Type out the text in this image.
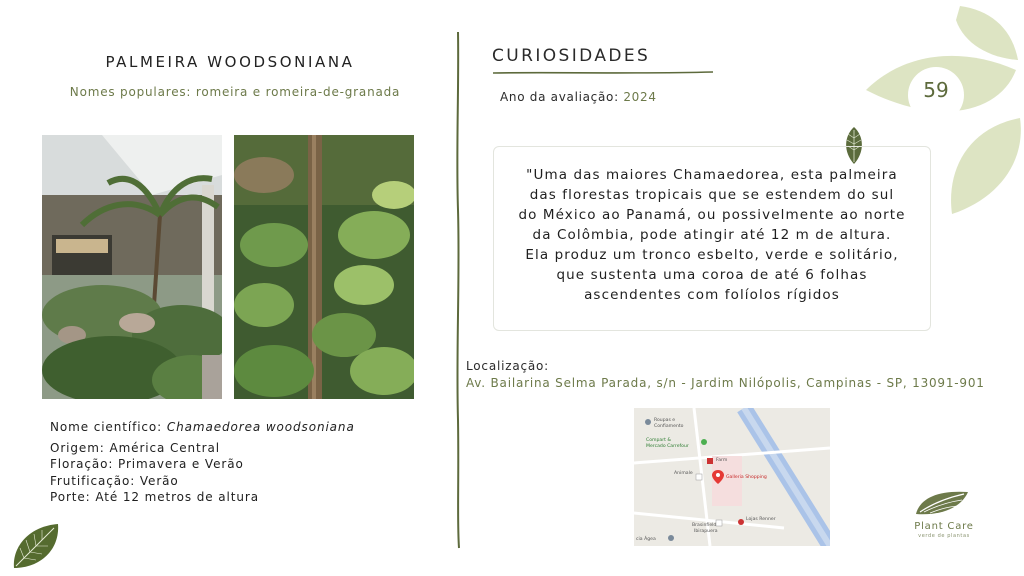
59
PALMEIRA WOODSONIANA
Nomes populares: romeira e romeira-de-granada
Nome científico: Chamaedorea woodsoniana
Origem: América Central
Floração: Primavera e Verão
Frutificação: Verão
Porte: Até 12 metros de altura
CURIOSIDADES
Ano da avaliação: 2024
"Uma das maiores Chamaedorea, esta palmeira
das florestas tropicais que se estendem do sul
do México ao Panamá, ou possivelmente ao norte
da Colômbia, pode atingir até 12 m de altura.
Ela produz um tronco esbelto, verde e solitário,
que sustenta uma coroa de até 6 folhas
ascendentes com folíolos rígidos
Localização:
Av. Bailarina Selma Parada, s/n - Jardim Nilópolis, Campinas - SP, 13091-901
Roupas e
Confiamento
Compart &
Mercado Carrefour
Farm
Animale
Galleria Shopping
Brasinfield
Lojas Renner
Ibirapuera
cia Ágea
Plant Care
verde de plantas
